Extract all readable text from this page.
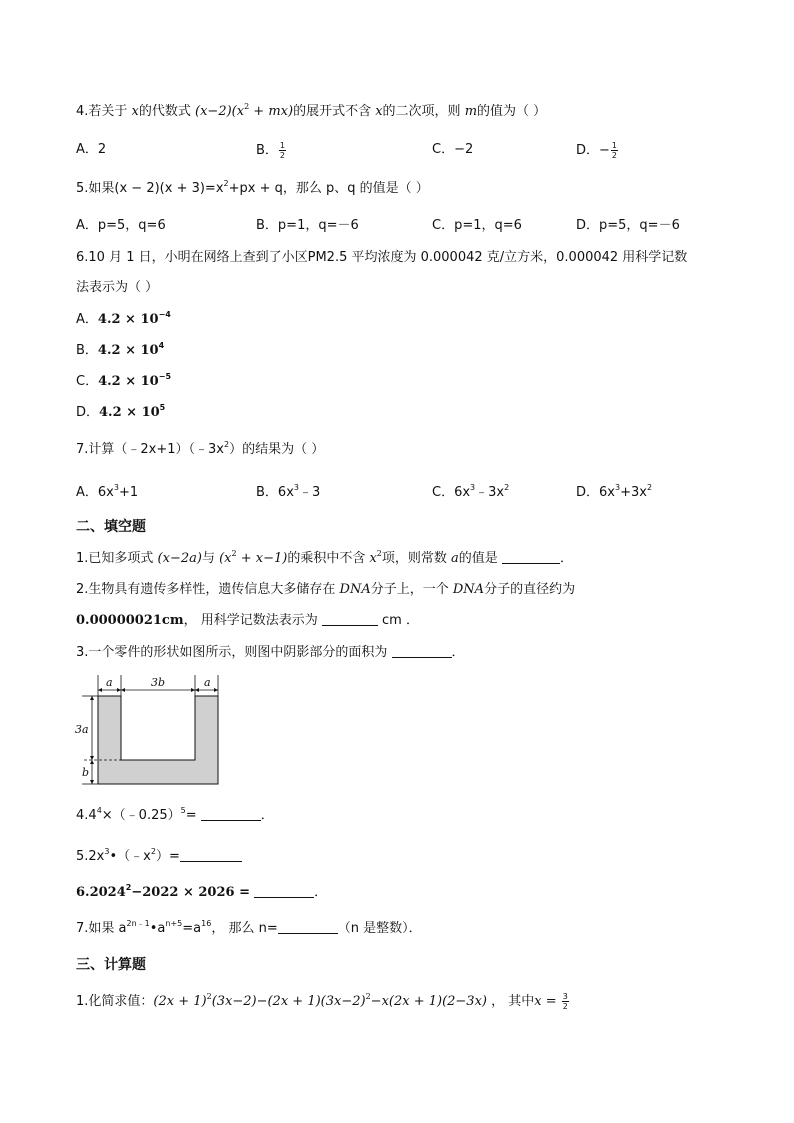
4.若关于 x的代数式 $(x-2)(x^2 + mx)$的展开式不含 x的二次项，则 m的值为（ ）
A．2	B． $\frac{1}{2}$	C．−2	D．− $\frac{1}{2}$
5.如果$(x - 2)(x + 3)=x^2+px + q$，那么 p、q 的值是（ ）
A．p=5，q=6	B．p=1，q=－6	C．p=1，q=6	D．p=5，q=－6
6.10 月 1 日，小明在网络上查到了小区PM2.5 平均浓度为 0.000042 克/立方米，0.000042 用科学记数
法表示为（ ）
A．$4.2 \times 10^{-4}$
B．$4.2 \times 10^4$
C．$4.2 \times 10^{-5}$
D．$4.2 \times 10^5$
7.计算$(﹣2x+1)(﹣3x^2)$的结果为（ ）
A．$6x^3+1$	B．$6x^3﹣3$	C．$6x^3﹣3x^2$	D．$6x^3+3x^2$
二、填空题
1.已知多项式 (x−2a)与 $(x^2 + x-1)$的乘积中不含 $x^2$项，则常数 a的值是	．
2.生物具有遗传多样性，遗传信息大多储存在 DNA分子上，一个 DNA分子的直径约为
0.00000021cm， 用科学记数法表示为	cm ．
3.一个零件的形状如图所示，则图中阴影部分的面积为	．
a	3b	a
3a
b
$4.4^4\times(﹣0.25)^5=$	．
$5.2x^3•(﹣x^2)=$
$6.2024^2-2022 \times 2026$ =	．
7.如果 $a^{2n﹣1}•a^{n+5}=a^{16}$， 那么 n=	（n 是整数）．
三、计算题
1.化简求值：$(2x + 1)^2(3x-2)-(2x + 1)(3x-2)^2-x(2x + 1)(2-3x)$ ， 其中$x = \frac{3}{2}$
